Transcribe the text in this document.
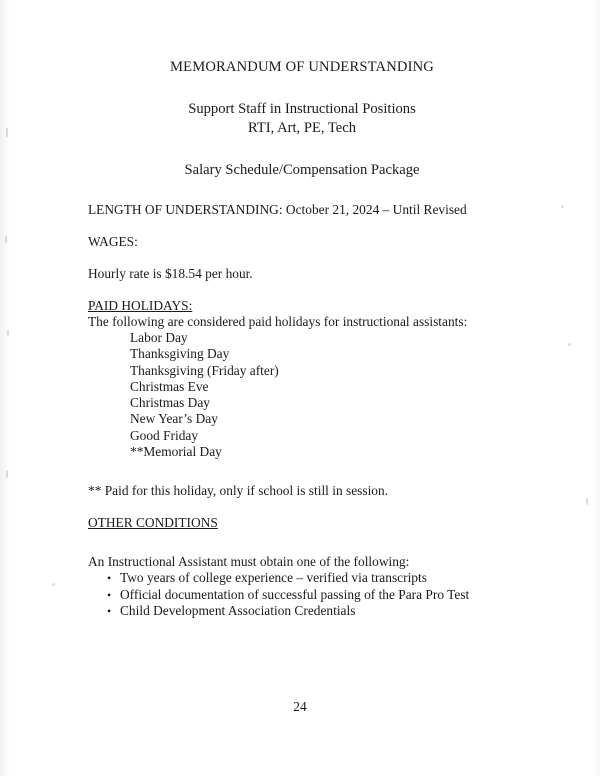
MEMORANDUM OF UNDERSTANDING

Support Staff in Instructional Positions

RTI, Art, PE, Tech

Salary Schedule/Compensation Package

LENGTH OF UNDERSTANDING: October 21, 2024 – Until Revised

WAGES:

Hourly rate is $18.54 per hour.

PAID HOLIDAYS:

The following are considered paid holidays for instructional assistants:

Labor Day
Thanksgiving Day
Thanksgiving (Friday after)
Christmas Eve
Christmas Day
New Year’s Day
Good Friday
**Memorial Day

** Paid for this holiday, only if school is still in session.

OTHER CONDITIONS

An Instructional Assistant must obtain one of the following:

• Two years of college experience – verified via transcripts
• Official documentation of successful passing of the Para Pro Test
• Child Development Association Credentials
24
